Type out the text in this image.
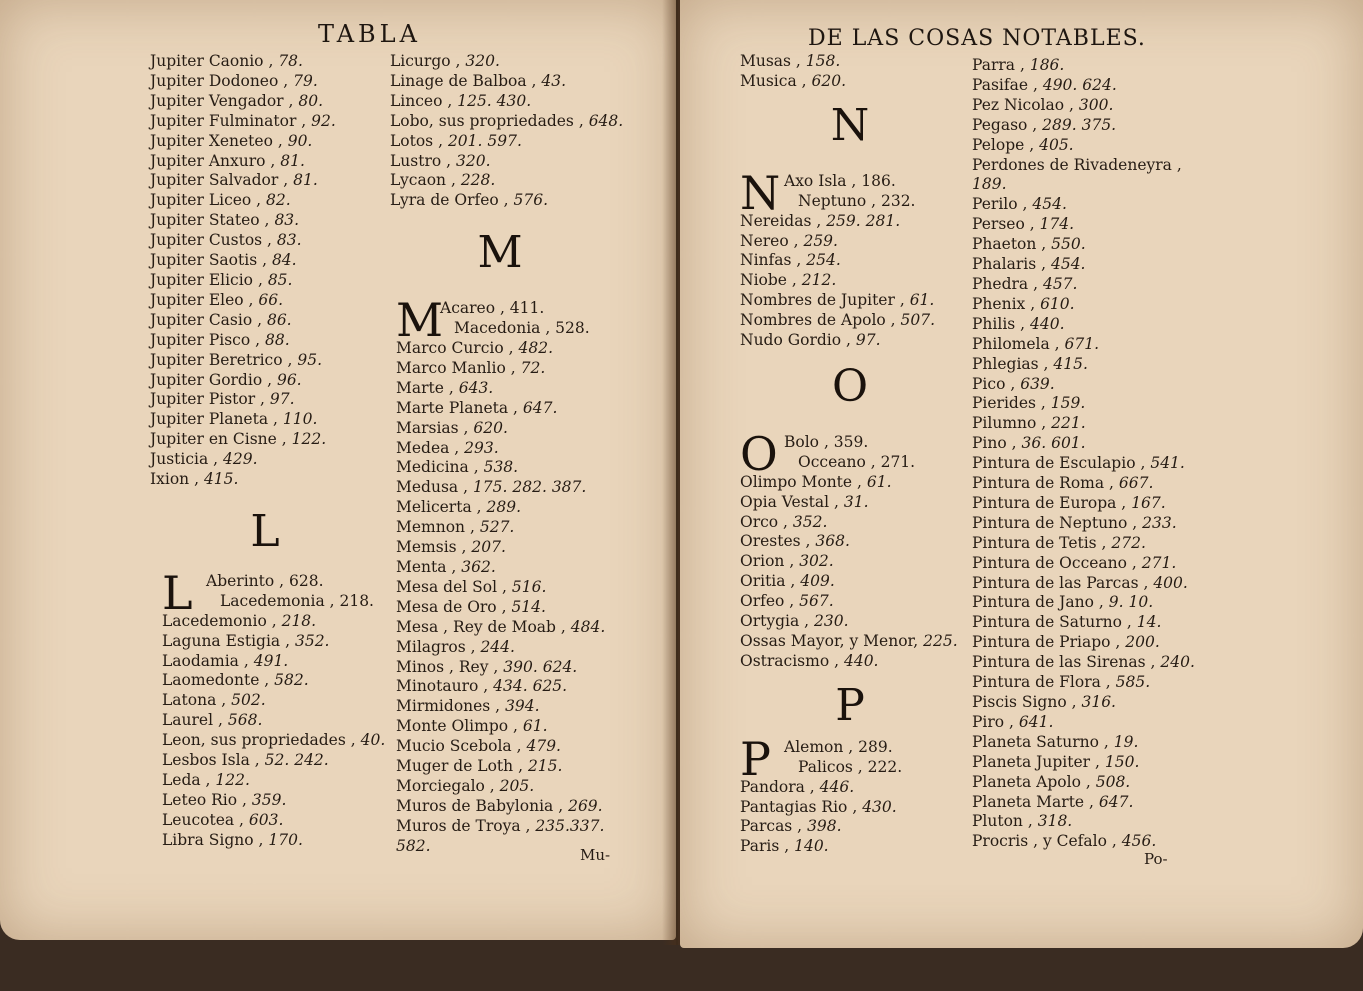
TABLA
Jupiter Caonio , 78.
Jupiter Dodoneo , 79.
Jupiter Vengador , 80.
Jupiter Fulminator , 92.
Jupiter Xeneteo , 90.
Jupiter Anxuro , 81.
Jupiter Salvador , 81.
Jupiter Liceo , 82.
Jupiter Stateo , 83.
Jupiter Custos , 83.
Jupiter Saotis , 84.
Jupiter Elicio , 85.
Jupiter Eleo , 66.
Jupiter Casio , 86.
Jupiter Pisco , 88.
Jupiter Beretrico , 95.
Jupiter Gordio , 96.
Jupiter Pistor , 97.
Jupiter Planeta , 110.
Jupiter en Cisne , 122.
Justicia , 429.
Ixion , 415.
L
L Aberinto , 628.
Lacedemonia , 218.
Lacedemonio , 218.
Laguna Estigia , 352.
Laodamia , 491.
Laomedonte , 582.
Latona , 502.
Laurel , 568.
Leon, sus propriedades , 40.
Lesbos Isla , 52. 242.
Leda , 122.
Leteo Rio , 359.
Leucotea , 603.
Libra Signo , 170.
Licurgo , 320.
Linage de Balboa , 43.
Linceo , 125. 430.
Lobo, sus propriedades , 648.
Lotos , 201. 597.
Lustro , 320.
Lycaon , 228.
Lyra de Orfeo , 576.
M
M
Acareo , 411.
Macedonia , 528.
Marco Curcio , 482.
Marco Manlio , 72.
Marte , 643.
Marte Planeta , 647.
Marsias , 620.
Medea , 293.
Medicina , 538.
Medusa , 175. 282. 387.
Melicerta , 289.
Memnon , 527.
Memsis , 207.
Menta , 362.
Mesa del Sol , 516.
Mesa de Oro , 514.
Mesa , Rey de Moab , 484.
Milagros , 244.
Minos , Rey , 390. 624.
Minotauro , 434. 625.
Mirmidones , 394.
Monte Olimpo , 61.
Mucio Scebola , 479.
Muger de Loth , 215.
Morciegalo , 205.
Muros de Babylonia , 269.
Muros de Troya , 235.337.
582.
Mu-
DE LAS COSAS NOTABLES.
Musas , 158.
Musica , 620.
N
N Axo Isla , 186.
Neptuno , 232.
Nereidas , 259. 281.
Nereo , 259.
Ninfas , 254.
Niobe , 212.
Nombres de Jupiter , 61.
Nombres de Apolo , 507.
Nudo Gordio , 97.
O
O Bolo , 359.
Occeano , 271.
Olimpo Monte , 61.
Opia Vestal , 31.
Orco , 352.
Orestes , 368.
Orion , 302.
Oritia , 409.
Orfeo , 567.
Ortygia , 230.
Ossas Mayor, y Menor, 225.
Ostracismo , 440.
P
P Alemon , 289.
Palicos , 222.
Pandora , 446.
Pantagias Rio , 430.
Parcas , 398.
Paris , 140.
Parra , 186.
Pasifae , 490. 624.
Pez Nicolao , 300.
Pegaso , 289. 375.
Pelope , 405.
Perdones de Rivadeneyra ,
189.
Perilo , 454.
Perseo , 174.
Phaeton , 550.
Phalaris , 454.
Phedra , 457.
Phenix , 610.
Philis , 440.
Philomela , 671.
Phlegias , 415.
Pico , 639.
Pierides , 159.
Pilumno , 221.
Pino , 36. 601.
Pintura de Esculapio , 541.
Pintura de Roma , 667.
Pintura de Europa , 167.
Pintura de Neptuno , 233.
Pintura de Tetis , 272.
Pintura de Occeano , 271.
Pintura de las Parcas , 400.
Pintura de Jano , 9. 10.
Pintura de Saturno , 14.
Pintura de Priapo , 200.
Pintura de las Sirenas , 240.
Pintura de Flora , 585.
Piscis Signo , 316.
Piro , 641.
Planeta Saturno , 19.
Planeta Jupiter , 150.
Planeta Apolo , 508.
Planeta Marte , 647.
Pluton , 318.
Procris , y Cefalo , 456.
Po-
